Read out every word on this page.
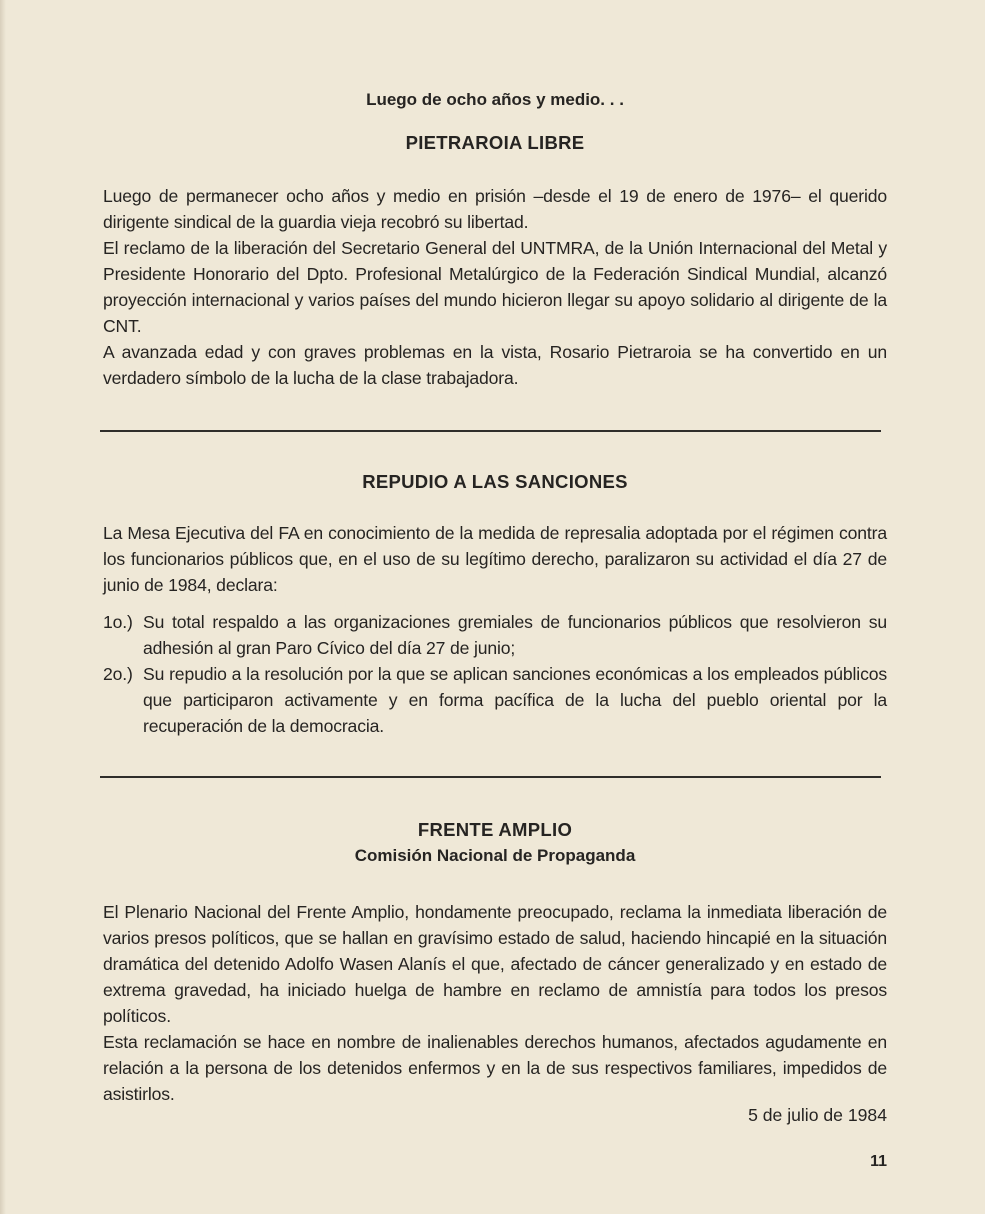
Luego de ocho años y medio. . .
PIETRAROIA LIBRE

Luego de permanecer ocho años y medio en prisión –desde el 19 de enero de 1976– el querido dirigente sindical de la guardia vieja recobró su libertad.

El reclamo de la liberación del Secretario General del UNTMRA, de la Unión Internacional del Metal y Presidente Honorario del Dpto. Profesional Metalúrgico de la Federación Sindical Mundial, alcanzó proyección internacional y varios países del mundo hicieron llegar su apoyo solidario al dirigente de la CNT.

A avanzada edad y con graves problemas en la vista, Rosario Pietraroia se ha convertido en un verdadero símbolo de la lucha de la clase trabajadora.

REPUDIO A LAS SANCIONES
La Mesa Ejecutiva del FA en conocimiento de la medida de represalia adoptada por el régimen contra los funcionarios públicos que, en el uso de su legítimo derecho, paralizaron su actividad el día 27 de junio de 1984, declara:
1o.) Su total respaldo a las organizaciones gremiales de funcionarios públicos que resolvieron su adhesión al gran Paro Cívico del día 27 de junio;
2o.) Su repudio a la resolución por la que se aplican sanciones económicas a los empleados públicos que participaron activamente y en forma pacífica de la lucha del pueblo oriental por la recuperación de la democracia.
FRENTE AMPLIO
Comisión Nacional de Propaganda

El Plenario Nacional del Frente Amplio, hondamente preocupado, reclama la inmediata liberación de varios presos políticos, que se hallan en gravísimo estado de salud, haciendo hincapié en la situación dramática del detenido Adolfo Wasen Alanís el que, afectado de cáncer generalizado y en estado de extrema gravedad, ha iniciado huelga de hambre en reclamo de amnistía para todos los presos políticos.

Esta reclamación se hace en nombre de inalienables derechos humanos, afectados agudamente en relación a la persona de los detenidos enfermos y en la de sus respectivos familiares, impedidos de asistirlos.

5 de julio de 1984
11
